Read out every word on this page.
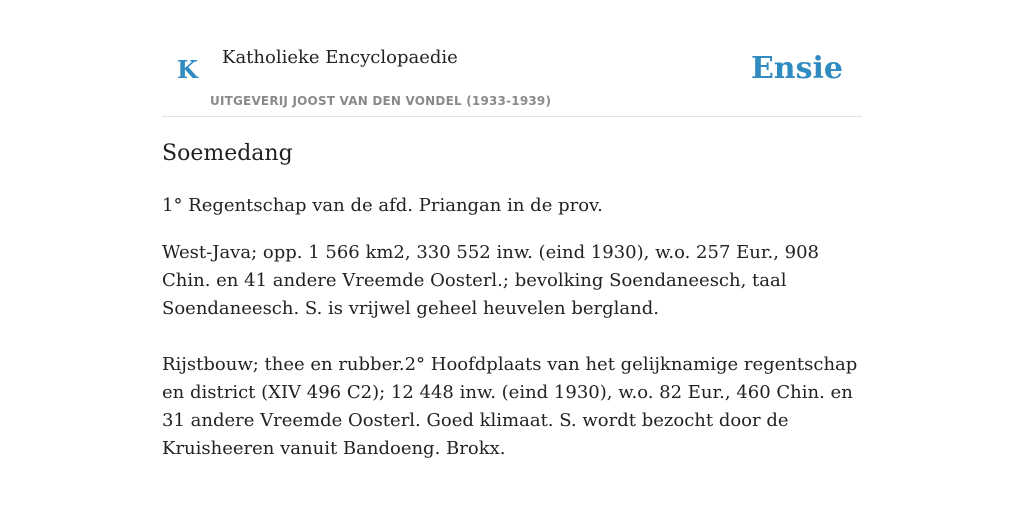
K Katholieke Encyclopaedie
UITGEVERIJ JOOST VAN DEN VONDEL (1933-1939)
Ensie
Soemedang

1° Regentschap van de afd. Priangan in de prov.

West-Java; opp. 1 566 km2, 330 552 inw. (eind 1930), w.o. 257 Eur., 908 Chin. en 41 andere Vreemde Oosterl.; bevolking Soendaneesch, taal Soendaneesch. S. is vrijwel geheel heuvelen bergland.

Rijstbouw; thee en rubber.2° Hoofdplaats van het gelijknamige regentschap en district (XIV 496 C2); 12 448 inw. (eind 1930), w.o. 82 Eur., 460 Chin. en 31 andere Vreemde Oosterl. Goed klimaat. S. wordt bezocht door de Kruisheeren vanuit Bandoeng. Brokx.
